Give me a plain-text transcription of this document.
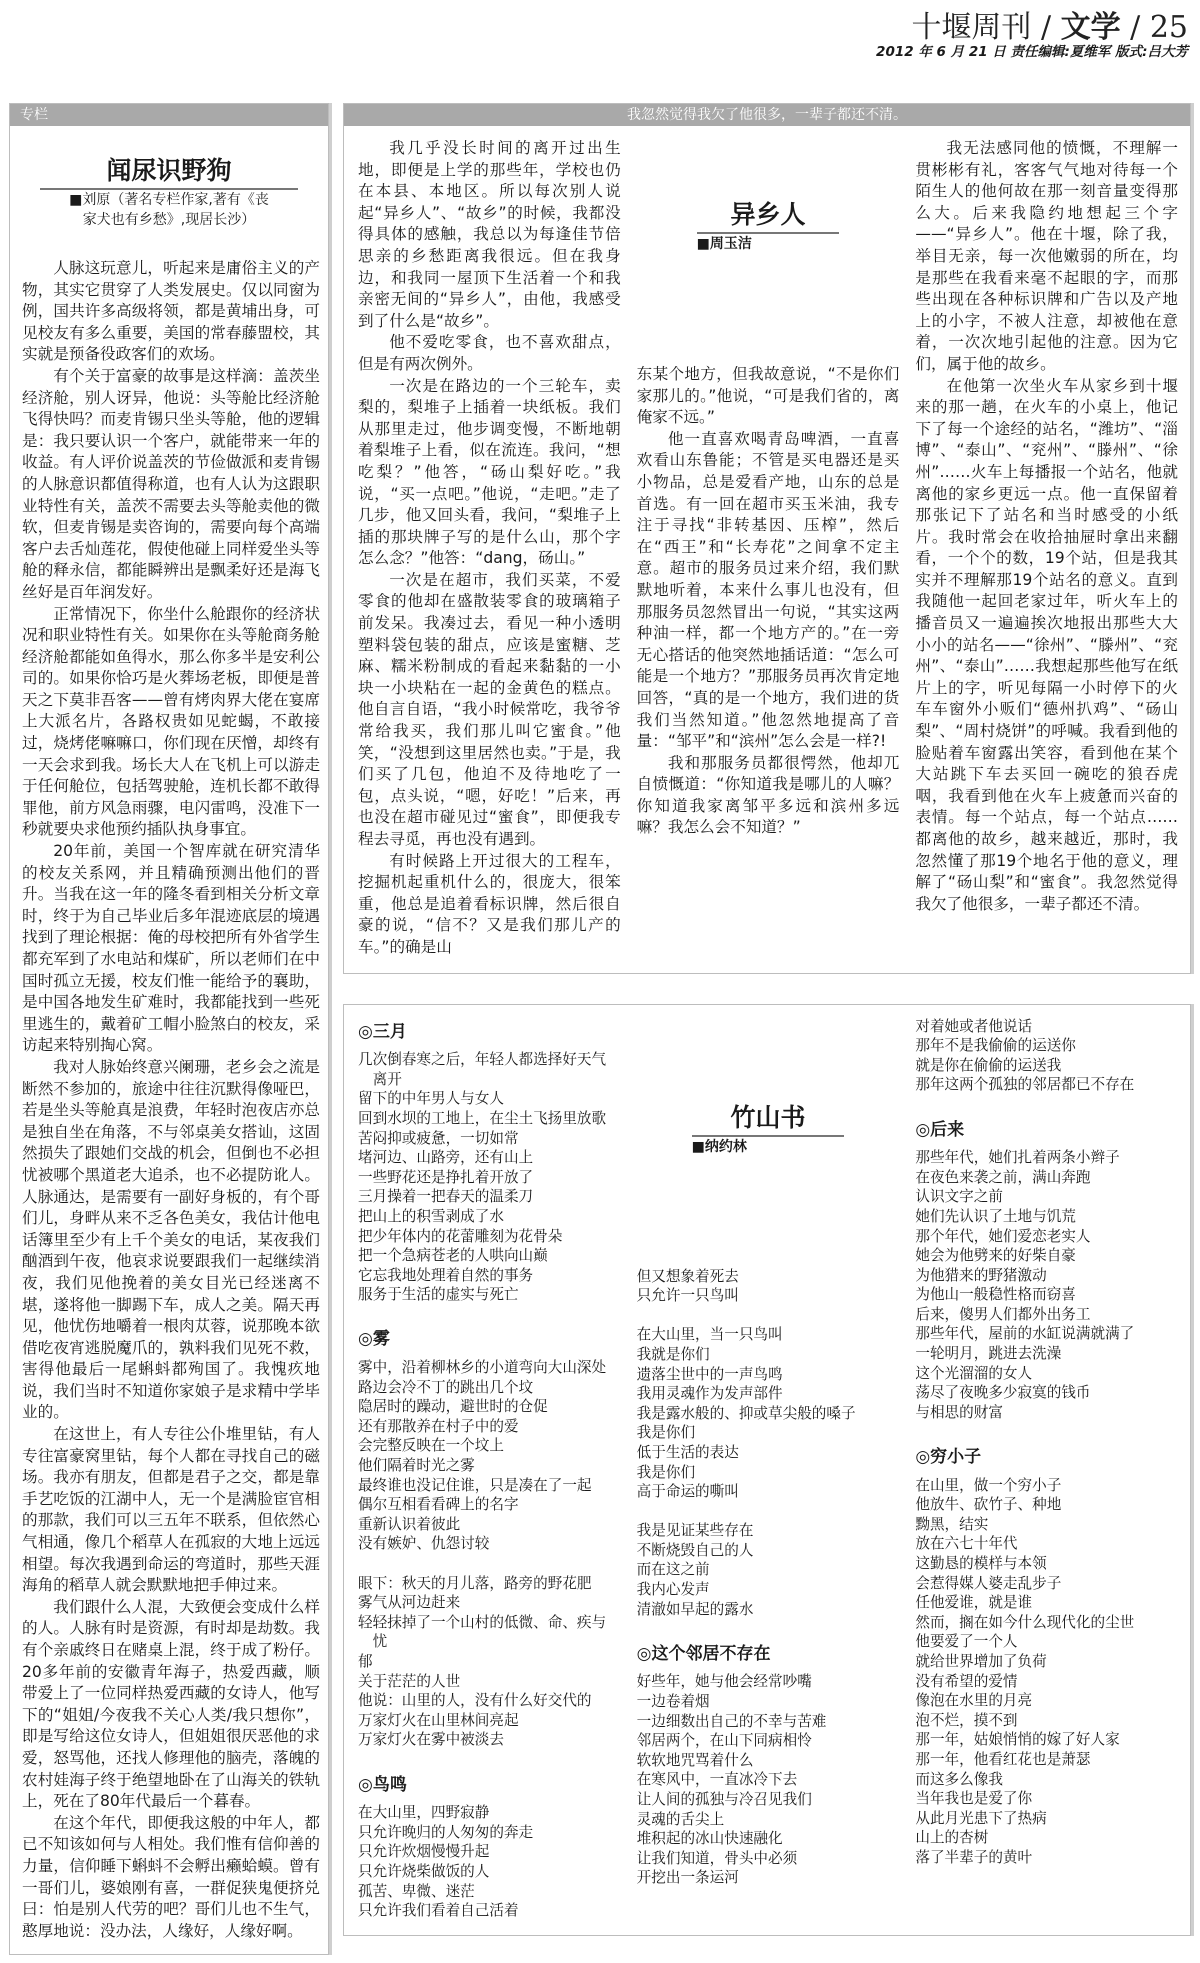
十堰周刊 / 文学 / 25
2012 年 6 月 21 日 责任编辑:夏维军 版式:吕大芳
专栏
闻尿识野狗
■刘原（著名专栏作家,著有《丧
家犬也有乡愁》,现居长沙）

人脉这玩意儿，听起来是庸俗主义的产物，其实它贯穿了人类发展史。仅以同窗为例，国共许多高级将领，都是黄埔出身，可见校友有多么重要，美国的常春藤盟校，其实就是预备役政客们的欢场。

有个关于富豪的故事是这样滴：盖茨坐经济舱，别人讶异，他说：头等舱比经济舱飞得快吗？而麦肯锡只坐头等舱，他的逻辑是：我只要认识一个客户，就能带来一年的收益。有人评价说盖茨的节俭做派和麦肯锡的人脉意识都值得称道，也有人认为这跟职业特性有关，盖茨不需要去头等舱卖他的微软，但麦肯锡是卖咨询的，需要向每个高端客户去舌灿莲花，假使他碰上同样爱坐头等舱的释永信，都能瞬辨出是飘柔好还是海飞丝好是百年润发好。

正常情况下，你坐什么舱跟你的经济状况和职业特性有关。如果你在头等舱商务舱经济舱都能如鱼得水，那么你多半是安利公司的。如果你恰巧是火葬场老板，即便是普天之下莫非吾客——曾有烤肉界大佬在宴席上大派名片，各路权贵如见蛇蝎，不敢接过，烧烤佬嘛嘛口，你们现在厌憎，却终有一天会求到我。场长大人在飞机上可以游走于任何舱位，包括驾驶舱，连机长都不敢得罪他，前方风急雨骤，电闪雷鸣，没准下一秒就要央求他预约插队执身事宜。

20年前，美国一个智库就在研究清华的校友关系网，并且精确预测出他们的晋升。当我在这一年的隆冬看到相关分析文章时，终于为自己毕业后多年混迹底层的境遇找到了理论根据：俺的母校把所有外省学生都充军到了水电站和煤矿，所以老师们在中国时孤立无援，校友们惟一能给予的襄助，是中国各地发生矿难时，我都能找到一些死里逃生的，戴着矿工帽小脸煞白的校友，采访起来特别掏心窝。

我对人脉始终意兴阑珊，老乡会之流是断然不参加的，旅途中往往沉默得像哑巴，若是坐头等舱真是浪费，年轻时泡夜店亦总是独自坐在角落，不与邻桌美女搭讪，这固然损失了跟她们交战的机会，但倒也不必担忧被哪个黑道老大追杀，也不必提防讹人。人脉通达，是需要有一副好身板的，有个哥们儿，身畔从来不乏各色美女，我估计他电话簿里至少有上千个美女的电话，某夜我们酗酒到午夜，他哀求说要跟我们一起继续消夜，我们见他挽着的美女目光已经迷离不堪，遂将他一脚踢下车，成人之美。隔天再见，他忧伤地嚼着一根肉苁蓉，说那晚本欲借吃夜宵逃脱魔爪的，孰料我们见死不救，害得他最后一尾蝌蚪都殉国了。我愧疚地说，我们当时不知道你家娘子是求精中学毕业的。

在这世上，有人专往公仆堆里钻，有人专往富豪窝里钻，每个人都在寻找自己的磁场。我亦有朋友，但都是君子之交，都是靠手艺吃饭的江湖中人，无一个是满脸宦官相的那款，我们可以三五年不联系，但依然心气相通，像几个稻草人在孤寂的大地上远远相望。每次我遇到命运的弯道时，那些天涯海角的稻草人就会默默地把手伸过来。

我们跟什么人混，大致便会变成什么样的人。人脉有时是资源，有时却是劫数。我有个亲戚终日在赌桌上混，终于成了粉仔。20多年前的安徽青年海子，热爱西藏，顺带爱上了一位同样热爱西藏的女诗人，他写下的“姐姐/今夜我不关心人类/我只想你”，即是写给这位女诗人，但姐姐很厌恶他的求爱，怒骂他，还找人修理他的脑壳，落魄的农村娃海子终于绝望地卧在了山海关的铁轨上，死在了80年代最后一个暮春。

在这个年代，即便我这般的中年人，都已不知该如何与人相处。我们惟有信仰善的力量，信仰睡下蝌蚪不会孵出癞蛤蟆。曾有一哥们儿，婆娘刚有喜，一群促狭鬼便挤兑曰：怕是别人代劳的吧？哥们儿也不生气，憨厚地说：没办法，人缘好，人缘好啊。

我忽然觉得我欠了他很多，一辈子都还不清。

我几乎没长时间的离开过出生地，即便是上学的那些年，学校也仍在本县、本地区。所以每次别人说起“异乡人”、“故乡”的时候，我都没得具体的感触，我总以为每逢佳节倍思亲的乡愁距离我很远。但在我身边，和我同一屋顶下生活着一个和我亲密无间的“异乡人”，由他，我感受到了什么是“故乡”。

他不爱吃零食，也不喜欢甜点，但是有两次例外。

一次是在路边的一个三轮车，卖梨的，梨堆子上插着一块纸板。我们从那里走过，他步调变慢，不断地朝着梨堆子上看，似在流连。我问，“想吃梨？”他答，“砀山梨好吃。”我说，“买一点吧。”他说，“走吧。”走了几步，他又回头看，我问，“梨堆子上插的那块牌子写的是什么山，那个字怎么念？”他答：“dang，砀山。”

一次是在超市，我们买菜，不爱零食的他却在盛散装零食的玻璃箱子前发呆。我凑过去，看见一种小透明塑料袋包装的甜点，应该是蜜糖、芝麻、糯米粉制成的看起来黏黏的一小块一小块粘在一起的金黄色的糕点。他自言自语，“我小时候常吃，我爷爷常给我买，我们那儿叫它蜜食。”他笑，“没想到这里居然也卖。”于是，我们买了几包，他迫不及待地吃了一包，点头说，“嗯，好吃！”后来，再也没在超市碰见过“蜜食”，即便我专程去寻觅，再也没有遇到。

有时候路上开过很大的工程车，挖掘机起重机什么的，很庞大，很笨重，他总是追着看标识牌，然后很自豪的说，“信不？又是我们那儿产的车。”的确是山

异乡人
■周玉洁

东某个地方，但我故意说，“不是你们家那儿的。”他说，“可是我们省的，离俺家不远。”

他一直喜欢喝青岛啤酒，一直喜欢看山东鲁能；不管是买电器还是买小物品，总是爱看产地，山东的总是首选。有一回在超市买玉米油，我专注于寻找“非转基因、压榨”，然后在“西王”和“长寿花”之间拿不定主意。超市的服务员过来介绍，我们默默地听着，本来什么事儿也没有，但那服务员忽然冒出一句说，“其实这两种油一样，都一个地方产的。”在一旁无心搭话的他突然地插话道：“怎么可能是一个地方？”那服务员再次肯定地回答，“真的是一个地方，我们进的货我们当然知道。”他忽然地提高了音量：“邹平”和“滨州”怎么会是一样?!

我和那服务员都很愕然，他却兀自愤慨道：“你知道我是哪儿的人嘛？你知道我家离邹平多远和滨州多远嘛？我怎么会不知道？”

我无法感同他的愤慨，不理解一贯彬彬有礼，客客气气地对待每一个陌生人的他何故在那一刻音量变得那么大。后来我隐约地想起三个字——“异乡人”。他在十堰，除了我，举目无亲，每一次他嫩弱的所在，均是那些在我看来毫不起眼的字，而那些出现在各种标识牌和广告以及产地上的小字，不被人注意，却被他在意着，一次次地引起他的注意。因为它们，属于他的故乡。

在他第一次坐火车从家乡到十堰来的那一趟，在火车的小桌上，他记下了每一个途经的站名，“潍坊”、“淄博”、“泰山”、“兖州”、“滕州”、“徐州”……火车上每播报一个站名，他就离他的家乡更远一点。他一直保留着那张记下了站名和当时感受的小纸片。我时常会在收拾抽屉时拿出来翻看，一个个的数，19个站，但是我其实并不理解那19个站名的意义。直到我随他一起回老家过年，听火车上的播音员又一遍遍挨次地报出那些大大小小的站名——“徐州”、“滕州”、“兖州”、“泰山”……我想起那些他写在纸片上的字，听见每隔一小时停下的火车车窗外小贩们“德州扒鸡”、“砀山梨”、“周村烧饼”的呼喊。我看到他的脸贴着车窗露出笑容，看到他在某个大站跳下车去买回一碗吃的狼吞虎咽，我看到他在火车上疲惫而兴奋的表情。每一个站点，每一个站点……都离他的故乡，越来越近，那时，我忽然懂了那19个地名于他的意义，理解了“砀山梨”和“蜜食”。我忽然觉得我欠了他很多，一辈子都还不清。

◎三月
几次倒春寒之后，年轻人都选择好天气离开
留下的中年男人与女人
回到水坝的工地上，在尘土飞扬里放歌
苦闷抑或疲惫，一切如常
堵河边、山路旁，还有山上
一些野花还是挣扎着开放了
三月操着一把春天的温柔刀
把山上的积雪剥成了水
把少年体内的花蕾雕刻为花骨朵
把一个急病苍老的人哄向山巅
它忘我地处理着自然的事务
服务于生活的虚实与死亡
◎雾
雾中，沿着柳林乡的小道弯向大山深处
路边会冷不丁的跳出几个坟
隐居时的躁动，避世时的仓促
还有那散养在村子中的爱
会完整反映在一个坟上
他们隔着时光之雾
最终谁也没记住谁，只是凑在了一起
偶尔互相看看碑上的名字
重新认识着彼此
没有嫉妒、仇怨讨较
眼下：秋天的月儿落，路旁的野花肥
雾气从河边赶来
轻轻抹掉了一个山村的低微、命、疾与忧
郁
关于茫茫的人世
他说：山里的人，没有什么好交代的
万家灯火在山里林间亮起
万家灯火在雾中被淡去
◎鸟鸣
在大山里，四野寂静
只允许晚归的人匆匆的奔走
只允许炊烟慢慢升起
只允许烧柴做饭的人
孤苦、卑微、迷茫
只允许我们看着自己活着
竹山书
■纳约林
但又想象着死去
只允许一只鸟叫
在大山里，当一只鸟叫
我就是你们
遗落尘世中的一声鸟鸣
我用灵魂作为发声部件
我是露水般的、抑或草尖般的嗓子
我是你们
低于生活的表达
我是你们
高于命运的嘶叫
我是见证某些存在
不断烧毁自己的人
而在这之前
我内心发声
清澈如早起的露水
◎这个邻居不存在
好些年，她与他会经常吵嘴
一边卷着烟
一边细数出自己的不幸与苦难
邻居两个，在山下同病相怜
软软地咒骂着什么
在寒风中，一直冰冷下去
让人间的孤独与冷召见我们
灵魂的舌尖上
堆积起的冰山快速融化
让我们知道，骨头中必须
开挖出一条运河
对着她或者他说话
那年不是我偷偷的运送你
就是你在偷偷的运送我
那年这两个孤独的邻居都已不存在
◎后来
那些年代，她们扎着两条小辫子
在夜色来袭之前，满山奔跑
认识文字之前
她们先认识了土地与饥荒
那个年代，她们爱恋老实人
她会为他劈来的好柴自豪
为他猎来的野猪激动
为他山一般稳性格而窃喜
后来，傻男人们都外出务工
那些年代，屋前的水缸说满就满了
一轮明月，跳进去洗澡
这个光溜溜的女人
荡尽了夜晚多少寂寞的钱币
与相思的财富
◎穷小子
在山里，做一个穷小子
他放牛、砍竹子、种地
黝黑，结实
放在六七十年代
这勤恳的模样与本领
会惹得媒人婆走乱步子
任他爱谁，就是谁
然而，搁在如今什么现代化的尘世
他要爱了一个人
就给世界增加了负荷
没有希望的爱情
像泡在水里的月亮
泡不烂，摸不到
那一年，姑娘悄悄的嫁了好人家
那一年，他看红花也是萧瑟
而这多么像我
当年我也是爱了你
从此月光患下了热病
山上的杏树
落了半辈子的黄叶
